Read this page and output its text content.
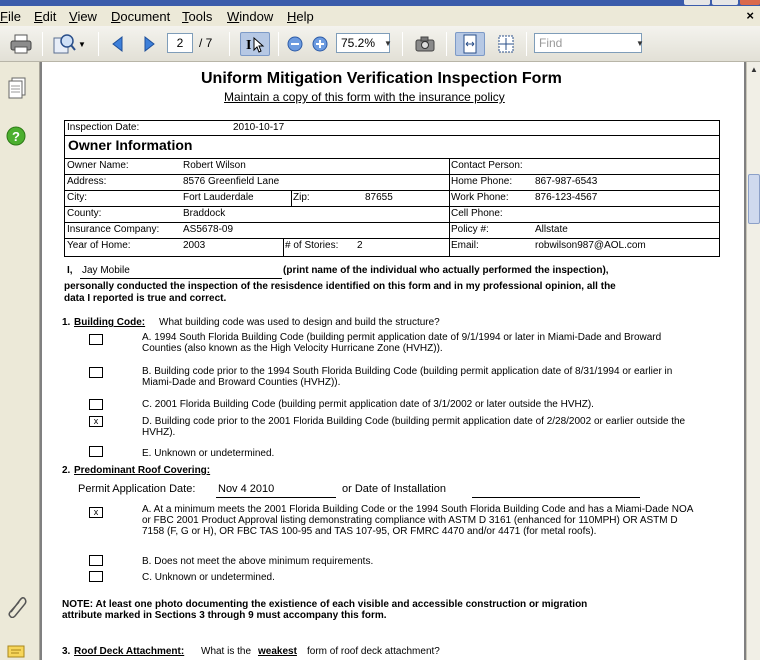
File Edit View Document Tools Window Help	×
▼	2	/ 7 I	75.2%	▼	Find	▼
?
Uniform Mitigation Verification Inspection Form
Maintain a copy of this form with the insurance policy
Inspection Date:	2010-10-17
Owner Information
Owner Name:	Robert Wilson	Contact Person:
Address:	8576 Greenfield Lane	Home Phone: 867-987-6543
City:	Fort Lauderdale	Zip:	87655	Work Phone:	876-123-4567
County:	Braddock	Cell Phone:
Insurance Company: AS5678-09	Policy #:	Allstate
Year of Home:	2003	# of Stories: 2	Email:	robwilson987@AOL.com
I, Jay Mobile	(print name of the individual who actually performed the inspection),
personally conducted the inspection of the resisdence identified on this form and in my professional opinion, all the
data I reported is true and correct.
1. Building Code: What building code was used to design and build the structure?
A. 1994 South Florida Building Code (building permit application date of 9/1/1994 or later in Miami-Dade and Broward Counties (also known as the High Velocity Hurricane Zone (HVHZ)).
B. Building code prior to the 1994 South Florida Building Code (building permit application date of 8/31/1994 or earlier in Miami-Dade and Broward Counties (HVHZ)).
C. 2001 Florida Building Code (building permit application date of 3/1/2002 or later outside the HVHZ).
x	D. Building code prior to the 2001 Florida Building Code (building permit application date of 2/28/2002 or earlier outside the HVHZ).
E. Unknown or undetermined.
2. Predominant Roof Covering:
Permit Application Date: Nov 4 2010	or Date of Installation
x	A. At a minimum meets the 2001 Florida Building Code or the 1994 South Florida Building Code and has a Miami-Dade NOA or FBC 2001 Product Approval listing demonstrating compliance with ASTM D 3161 (enhanced for 110MPH) OR ASTM D 7158 (F, G or H), OR FBC TAS 100-95 and TAS 107-95, OR FMRC 4470 and/or 4471 (for metal roofs).
B. Does not meet the above minimum requirements.
C. Unknown or undetermined.
NOTE: At least one photo documenting the existience of each visible and accessible construction or migration attribute marked in Sections 3 through 9 must accompany this form.
3. Roof Deck Attachment: What is the weakest form of roof deck attachment?
▲
